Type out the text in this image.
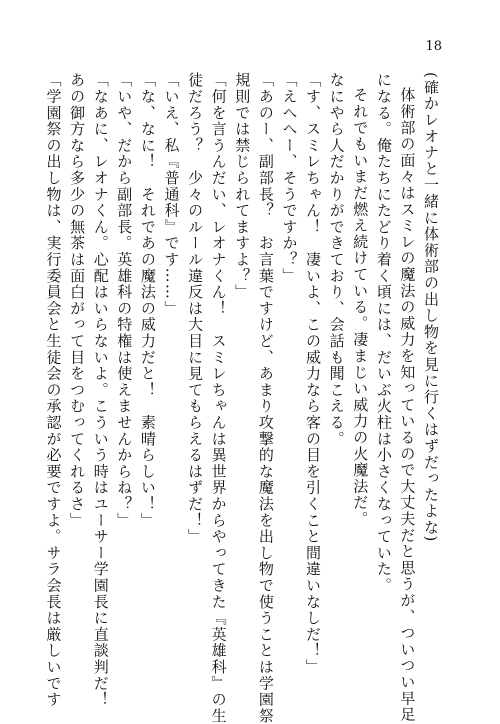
18

(確かレオナと一緒に体術部の出し物を見に行くはずだったよな)

体術部の面々はスミレの魔法の威力を知っているので大丈夫だと思うが、ついつい早足

になる。俺たちにたどり着く頃には、だいぶ火柱は小さくなっていた。

それでもいまだ燃え続けている。凄まじい威力の火魔法だ。

なにやら人だかりができており、会話も聞こえる。

「す、スミレちゃん！　凄いよ、この威力なら客の目を引くこと間違いなしだ！」

「えへへー、そうですか？」

「あのー、副部長？　お言葉ですけど、あまり攻撃的な魔法を出し物で使うことは学園祭

規則では禁じられてますよ？」

「何を言うんだい、レオナくん！　スミレちゃんは異世界からやってきた『英雄科』の生

徒だろう？　少々のルール違反は大目に見てもらえるはずだ！」

「いえ、私『普通科』です……」

「な、なに！　それであの魔法の威力だと！　素晴らしい！」

「いや、だから副部長。英雄科の特権は使えませんからね？」

「なあに、レオナくん。心配はいらないよ。こういう時はユーサー学園長に直談判だ！

あの御方なら多少の無茶は面白がって目をつむってくれるさ」

「学園祭の出し物は、実行委員会と生徒会の承認が必要ですよ。サラ会長は厳しいです
